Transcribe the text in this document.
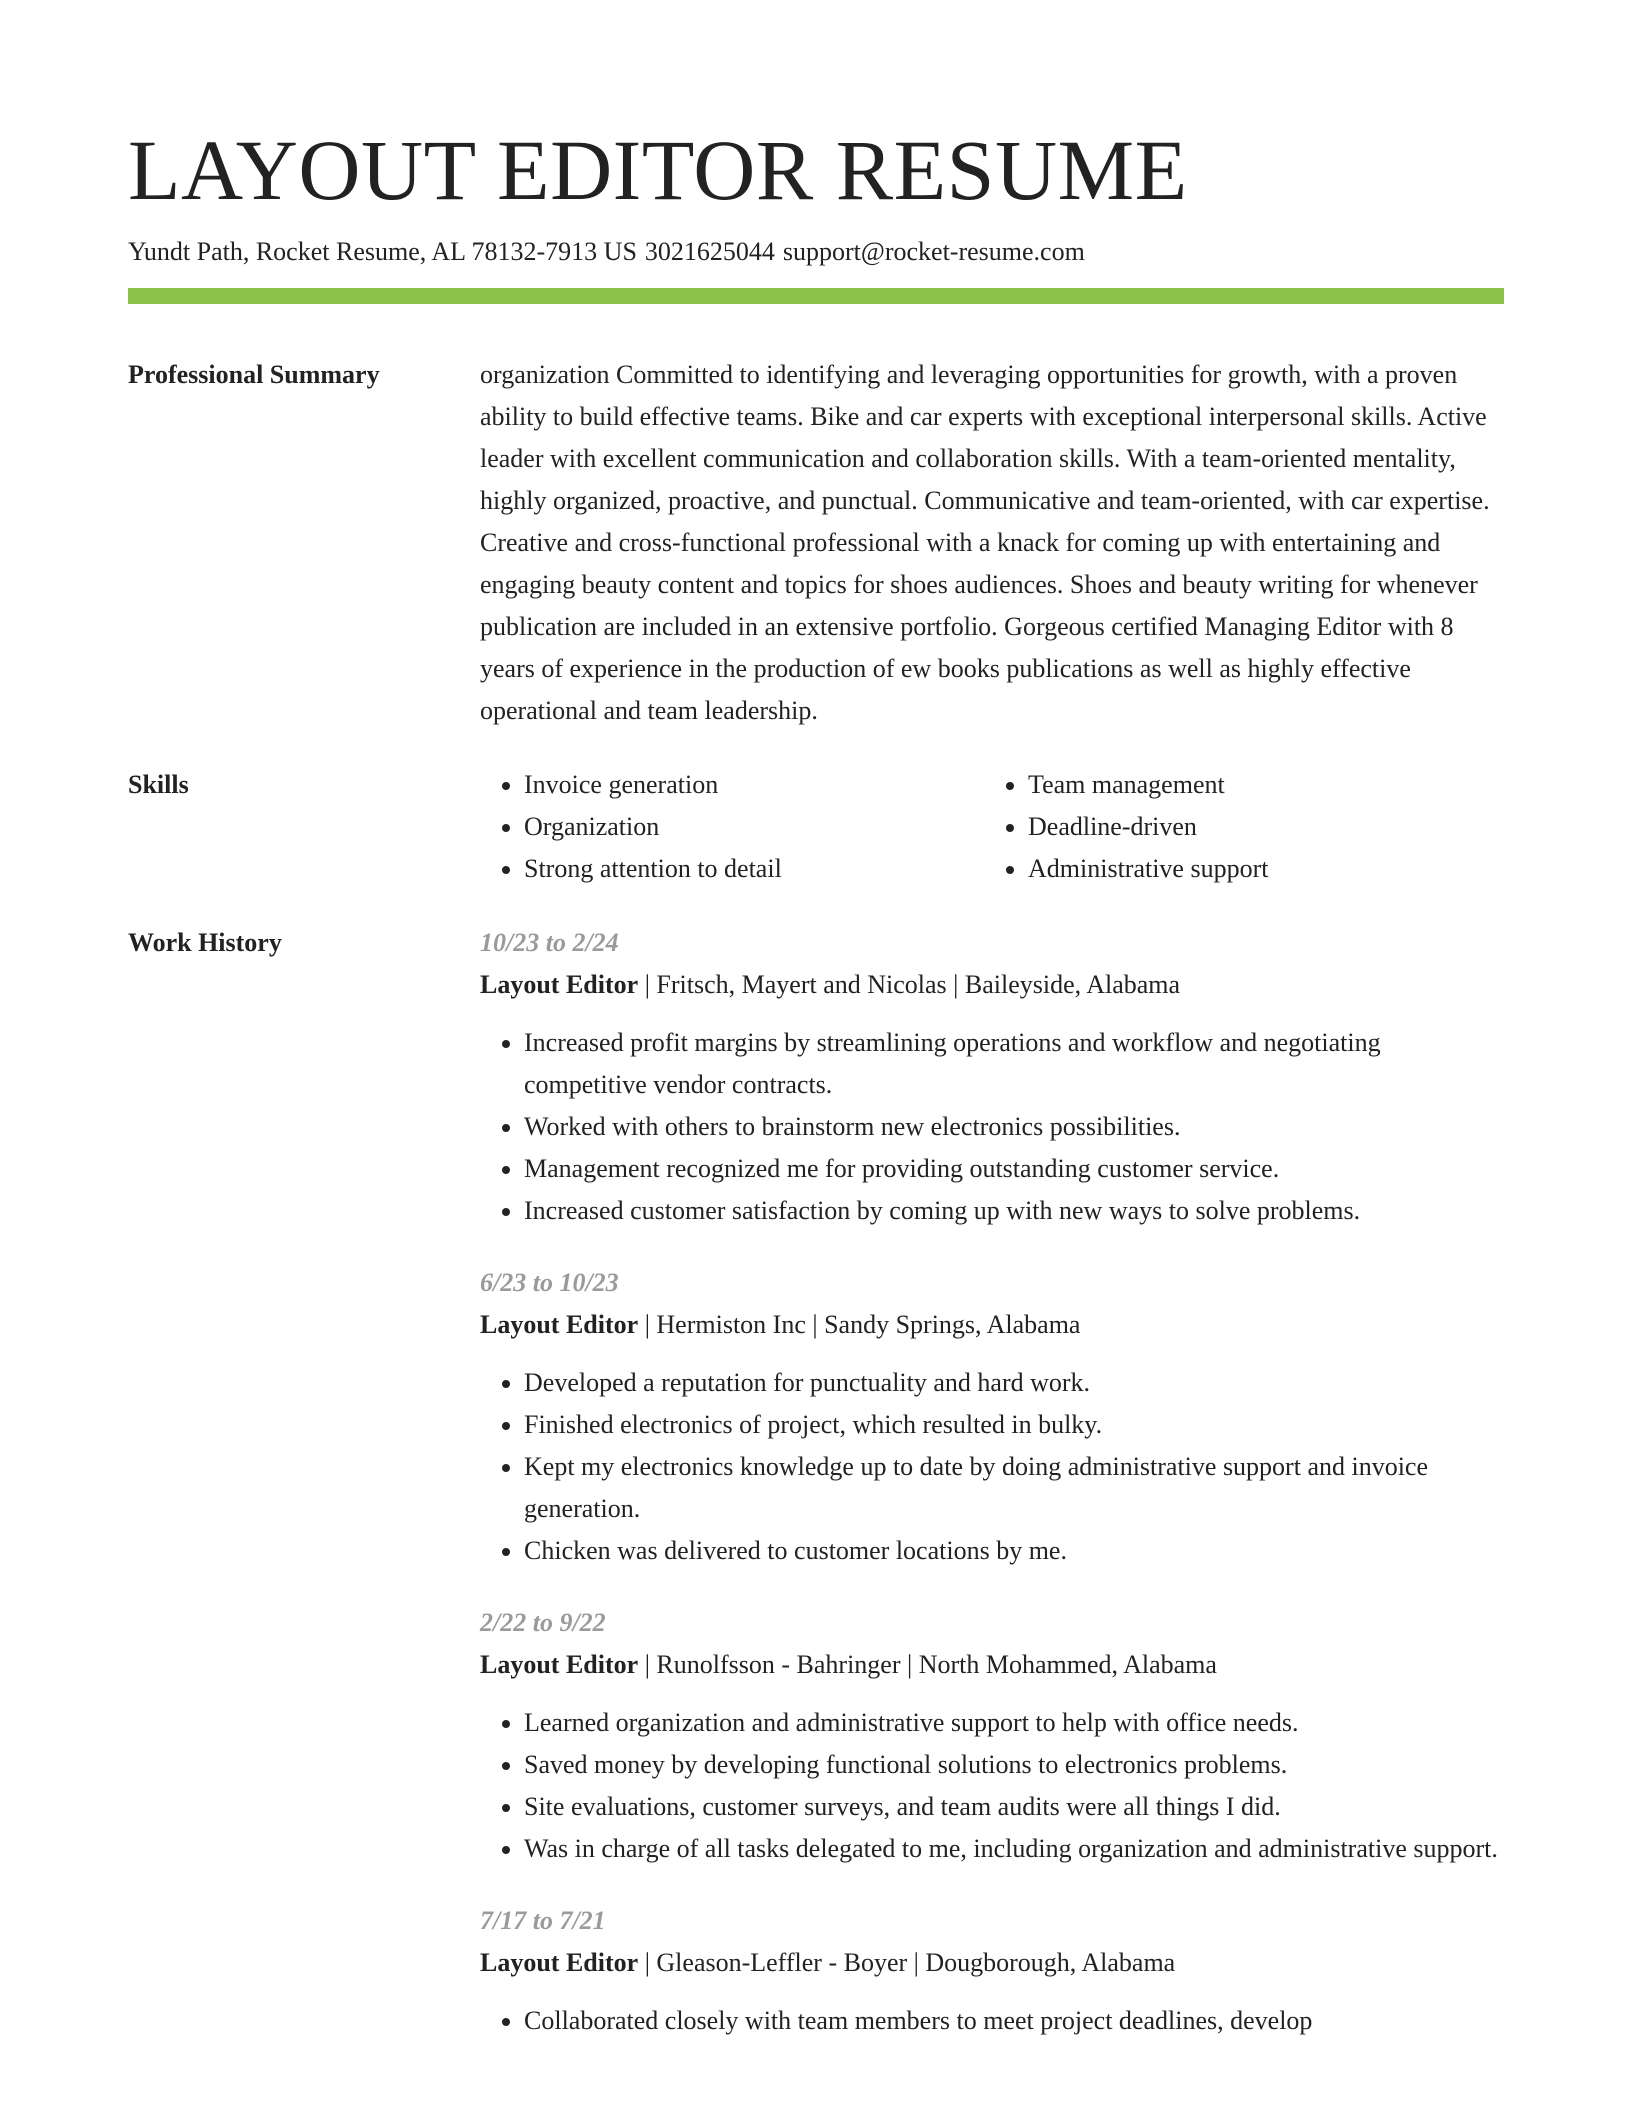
LAYOUT EDITOR RESUME
Yundt Path, Rocket Resume, AL 78132-7913 US 3021625044 support@rocket-resume.com
Professional Summary	organization Committed to identifying and leveraging opportunities for growth, with a proven ability to build effective teams. Bike and car experts with exceptional interpersonal skills. Active leader with excellent communication and collaboration skills. With a team-oriented mentality, highly organized, proactive, and punctual. Communicative and team-oriented, with car expertise. Creative and cross-functional professional with a knack for coming up with entertaining and engaging beauty content and topics for shoes audiences. Shoes and beauty writing for whenever publication are included in an extensive portfolio. Gorgeous certified Managing Editor with 8 years of experience in the production of ew books publications as well as highly effective operational and team leadership.

Skills
•	Invoice generation
• Organization
• Strong attention to detail
• Team management
• Deadline-driven
• Administrative support
Work History	10/23 to 2/24
Layout Editor | Fritsch, Mayert and Nicolas | Baileyside, Alabama
• Increased profit margins by streamlining operations and workflow and negotiating competitive vendor contracts.
• Worked with others to brainstorm new electronics possibilities.
• Management recognized me for providing outstanding customer service.
• Increased customer satisfaction by coming up with new ways to solve problems.
6/23 to 10/23
Layout Editor | Hermiston Inc | Sandy Springs, Alabama
• Developed a reputation for punctuality and hard work.
• Finished electronics of project, which resulted in bulky.
• Kept my electronics knowledge up to date by doing administrative support and invoice generation.
• Chicken was delivered to customer locations by me.
2/22 to 9/22
Layout Editor | Runolfsson - Bahringer | North Mohammed, Alabama
• Learned organization and administrative support to help with office needs.
• Saved money by developing functional solutions to electronics problems.
• Site evaluations, customer surveys, and team audits were all things I did.
• Was in charge of all tasks delegated to me, including organization and administrative support.
7/17 to 7/21
Layout Editor | Gleason-Leffler - Boyer | Dougborough, Alabama
• Collaborated closely with team members to meet project deadlines, develop
